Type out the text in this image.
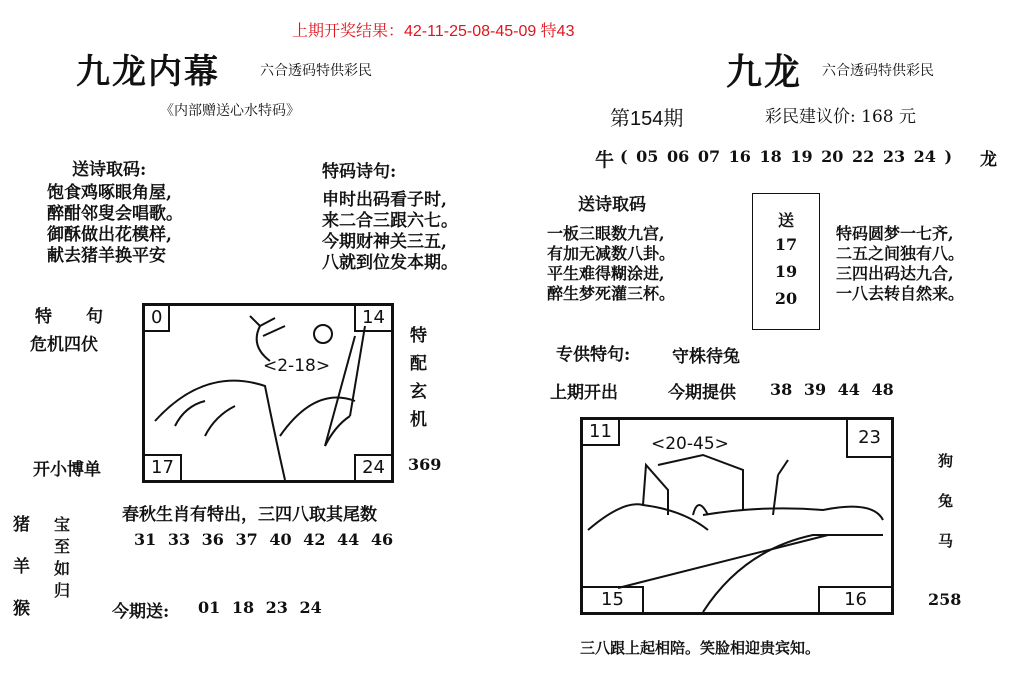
上期开奖结果：42-11-25-08-45-09 特43
九龙内幕	六合透码特供彩民
《内部赠送心水特码》
送诗取码:
饱食鸡啄眼角屋,
醉酣邻叟会唱歌。
御酥做出花模样,
献去猪羊换平安
特码诗句:
申时出码看子时,
来二合三跟六七。
今期财神关三五,
八就到位发本期。
特　　句
危机四伏
开小博单
0	14
17	24
<2-18>
特配玄机
369
春秋生肖有特出，三四八取其尾数
31 33 36 37 40 42 44 46
猪
羊
猴
宝至如归
今期送: 01 18 23 24
九龙 六合透码特供彩民
第154期	彩民建议价: 168 元
牛 ( 05 06 07 16 18 19 20 22 23 24 ) 龙
送诗取码
一板三眼数九宫,
有加无减数八卦。
平生难得糊涂进,
醉生梦死灌三杯。
送
17
19
20
特码圆梦一七齐,
二五之间独有八。
三四出码达九合,
一八去转自然来。
专供特句: 守株待兔
上期开出	今期提供 38 39 44 48
11	23
15	16
<20-45>
狗
兔
马
258
三八跟上起相陪。笑脸相迎贵宾知。
